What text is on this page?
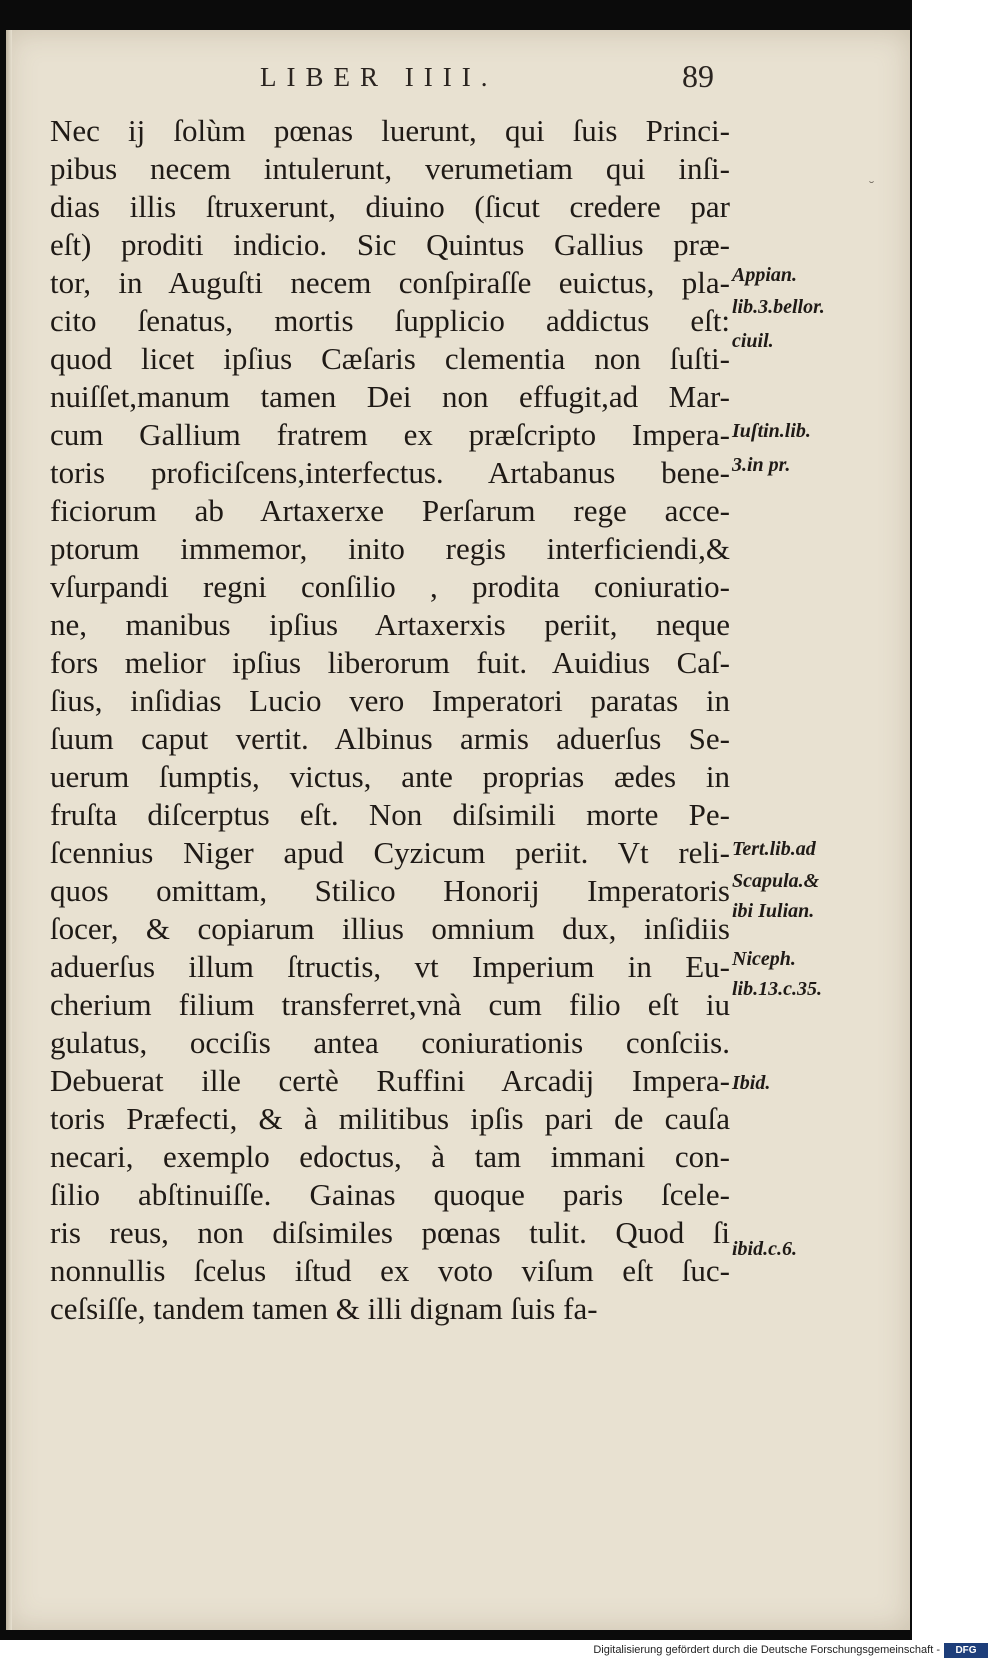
LIBER IIII.	89
Nec ij ſolùm pœnas luerunt, qui ſuis Princi-
pibus necem intulerunt, verumetiam qui inſi-
dias illis ſtruxerunt, diuino (ſicut credere par
eſt) proditi indicio. Sic Quintus Gallius præ-
tor, in Auguſti necem conſpiraſſe euictus, pla-
cito ſenatus, mortis ſupplicio addictus eſt:
quod licet ipſius Cæſaris clementia non ſuſti-
nuiſſet,manum tamen Dei non effugit,ad Mar-
cum Gallium fratrem ex præſcripto Impera-
toris proficiſcens,interfectus. Artabanus bene-
ficiorum ab Artaxerxe Perſarum rege acce-
ptorum immemor, inito regis interficiendi,&
vſurpandi regni conſilio , prodita coniuratio-
ne, manibus ipſius Artaxerxis periit, neque
fors melior ipſius liberorum fuit. Auidius Caſ-
ſius, inſidias Lucio vero Imperatori paratas in
ſuum caput vertit. Albinus armis aduerſus Se-
uerum ſumptis, victus, ante proprias ædes in
fruſta diſcerptus eſt. Non diſsimili morte Pe-
ſcennius Niger apud Cyzicum periit. Vt reli-
quos omittam, Stilico Honorij Imperatoris
ſocer, & copiarum illius omnium dux, inſidiis
aduerſus illum ſtructis, vt Imperium in Eu-
cherium filium transferret,vnà cum filio eſt iu
gulatus, occiſis antea coniurationis conſciis.
Debuerat ille certè Ruffini Arcadij Impera-
toris Præfecti, & à militibus ipſis pari de cauſa
necari, exemplo edoctus, à tam immani con-
ſilio abſtinuiſſe. Gainas quoque paris ſcele-
ris reus, non diſsimiles pœnas tulit. Quod ſi
nonnullis ſcelus iſtud ex voto viſum eſt ſuc-
ceſsiſſe, tandem tamen & illi dignam ſuis fa-
Appian.
lib.3.bellor.
ciuil.
Iuſtin.lib.
3.in pr.
Tert.lib.ad
Scapula.&
ibi Iulian.
Niceph.
lib.13.c.35.
Ibid.
ibid.c.6.
˘
Digitalisierung gefördert durch die Deutsche Forschungsgemeinschaft -	DFG
